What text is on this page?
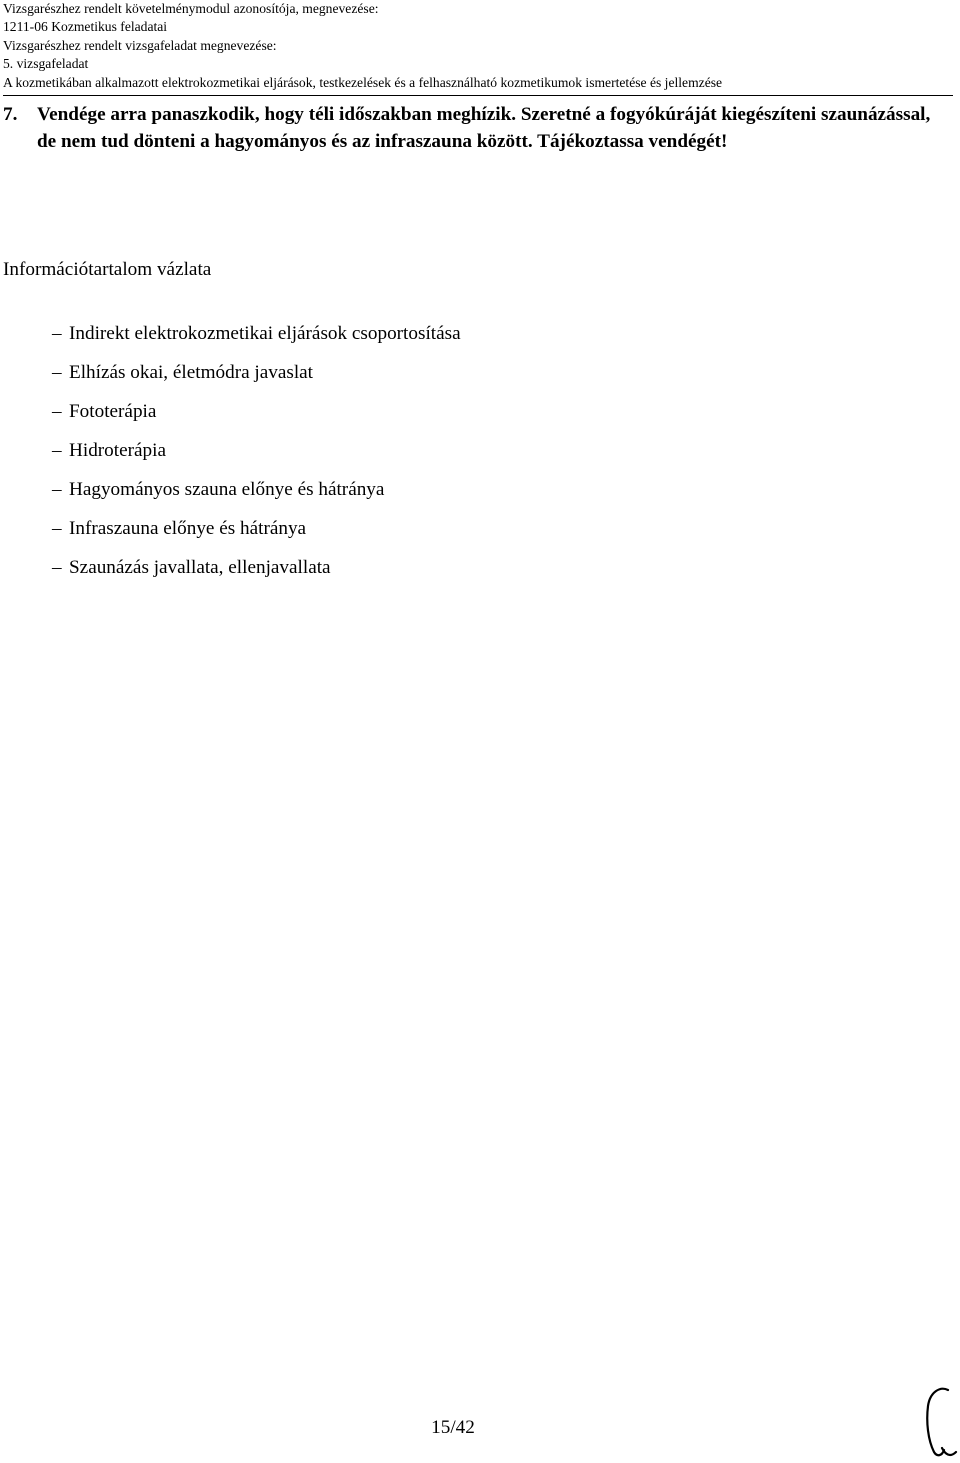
Vizsgarészhez rendelt követelménymodul azonosítója, megnevezése:
1211-06 Kozmetikus feladatai
Vizsgarészhez rendelt vizsgafeladat megnevezése:
5. vizsgafeladat
A kozmetikában alkalmazott elektrokozmetikai eljárások, testkezelések és a felhasználható kozmetikumok ismertetése és jellemzése
7. Vendége arra panaszkodik, hogy téli időszakban meghízik. Szeretné a fogyókúráját kiegészíteni szaunázással, de nem tud dönteni a hagyományos és az infraszauna között. Tájékoztassa vendégét!
Információtartalom vázlata
– Indirekt elektrokozmetikai eljárások csoportosítása
– Elhízás okai, életmódra javaslat
– Fototerápia
– Hidroterápia
– Hagyományos szauna előnye és hátránya
– Infraszauna előnye és hátránya
– Szaunázás javallata, ellenjavallata
15/42
